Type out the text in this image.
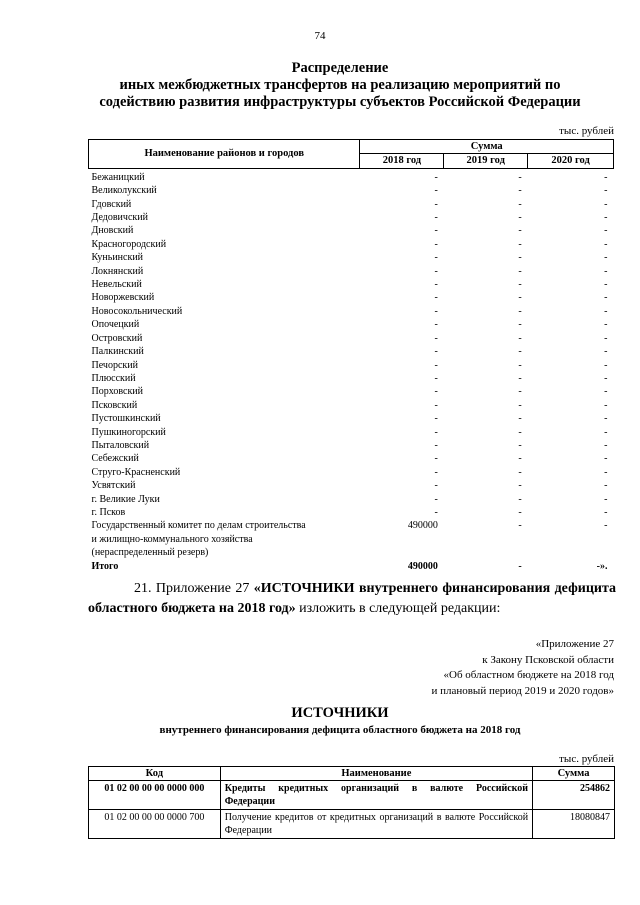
74
Распределение
иных межбюджетных трансфертов на реализацию мероприятий по
содействию развития инфраструктуры субъектов Российской Федерации
тыс. рублей
Наименование районов и городов	Сумма		
	2018 год	2019 год	2020 год
Бежаницкий	-	-	-
Великолукский	-	-	-
Гдовский	-	-	-
Дедовичский	-	-	-
Дновский	-	-	-
Красногородский	-	-	-
Куньинский	-	-	-
Локнянский	-	-	-
Невельский	-	-	-
Новоржевский	-	-	-
Новосокольнический	-	-	-
Опочецкий	-	-	-
Островский	-	-	-
Палкинский	-	-	-
Печорский	-	-	-
Плюсский	-	-	-
Порховский	-	-	-
Псковский	-	-	-
Пустошкинский	-	-	-
Пушкиногорский	-	-	-
Пыталовский	-	-	-
Себежский	-	-	-
Струго-Красненский	-	-	-
Усвятский	-	-	-
г. Великие Луки	-	-	-
г. Псков	-	-	-

Государственный комитет по делам строительства
и жилищно-коммунального хозяйства
(нераспределенный резерв)	490000	-	-
Итого	490000	-	-».
21. Приложение 27 «ИСТОЧНИКИ внутреннего финансирования дефицита областного бюджета на 2018 год» изложить в следующей редакции:
«Приложение 27
к Закону Псковской области
«Об областном бюджете на 2018 год
и плановый период 2019 и 2020 годов»
ИСТОЧНИКИ
внутреннего финансирования дефицита областного бюджета на 2018 год
тыс. рублей
Код	Наименование	Сумма
01 02 00 00 00 0000 000	Кредиты кредитных организаций в валюте Российской Федерации	254862
01 02 00 00 00 0000 700	Получение кредитов от кредитных организаций в валюте Российской Федерации	18080847
